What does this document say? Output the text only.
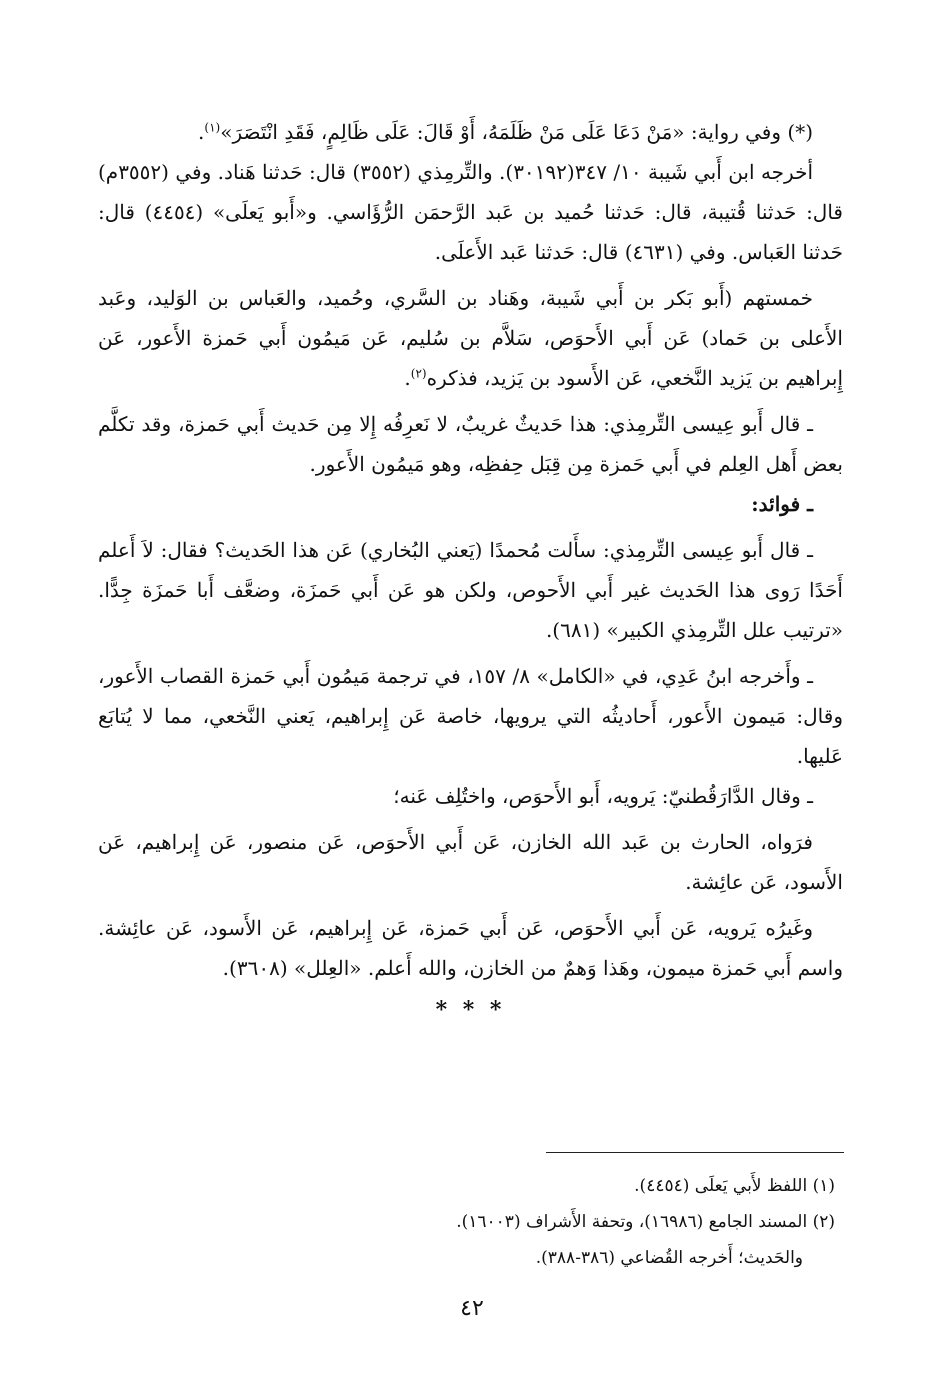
(*) وفي رواية: «مَنْ دَعَا عَلَى مَنْ ظَلَمَهُ، أَوْ قَالَ: عَلَى ظَالِمٍ، فَقَدِ انْتَصَرَ»$^{(١)}$.

أخرجه ابن أَبي شَيبة ١٠/ ٣٤٧(٣٠١٩٢). والتِّرمِذي (٣٥٥٢) قال: حَدثنا هَناد. وفي (٣٥٥٢م) قال: حَدثنا قُتيبة، قال: حَدثنا حُميد بن عَبد الرَّحمَن الرُّؤَاسي. و«أَبو يَعلَى» (٤٤٥٤) قال: حَدثنا العَباس. وفي (٤٦٣١) قال: حَدثنا عَبد الأَعلَى.

خمستهم (أَبو بَكر بن أَبي شَيبة، وهَناد بن السَّري، وحُميد، والعَباس بن الوَليد، وعَبد الأَعلى بن حَماد) عَن أَبي الأَحوَص، سَلاَّم بن سُليم، عَن مَيمُون أَبي حَمزة الأَعور، عَن إِبراهيم بن يَزيد النَّخعي، عَن الأَسود بن يَزيد، فذكره$^{(٢)}$.

ـ قال أَبو عِيسى التِّرمِذي: هذا حَديثٌ غريبٌ، لا نَعرِفُه إِلا مِن حَديث أَبي حَمزة، وقد تكلَّم بعض أَهل العِلم في أَبي حَمزة مِن قِبَل حِفظِه، وهو مَيمُون الأَعور.

ـ فوائد:

ـ قال أَبو عِيسى التِّرمِذي: سأَلت مُحمدًا (يَعني البُخاري) عَن هذا الحَديث؟ فقال: لاَ أَعلم أَحَدًا رَوى هذا الحَديث غير أَبي الأَحوص، ولكن هو عَن أَبي حَمزَة، وضعَّف أَبا حَمزَة جِدًّا. «ترتيب علل التِّرمِذي الكبير» (٦٨١).

ـ وأَخرجه ابنُ عَدِي، في «الكامل» ٨/ ١٥٧، في ترجمة مَيمُون أَبي حَمزة القصاب الأَعور، وقال: مَيمون الأَعور، أَحاديثُه التي يرويها، خاصة عَن إِبراهيم، يَعني النَّخعي، مما لا يُتابَع عَليها.

ـ وقال الدَّارَقُطنيّ: يَرويه، أَبو الأَحوَص، واختُلِف عَنه؛

فرَواه، الحارث بن عَبد الله الخازن، عَن أَبي الأَحوَص، عَن منصور، عَن إِبراهيم، عَن الأَسود، عَن عائِشة.

وغَيرُه يَرويه، عَن أَبي الأَحوَص، عَن أَبي حَمزة، عَن إِبراهيم، عَن الأَسود، عَن عائِشة. واسم أَبي حَمزة ميمون، وهَذا وَهمٌ من الخازن، والله أَعلم. «العِلل» (٣٦٠٨).

* * *

(١) اللفظ لأَبي يَعلَى (٤٤٥٤).

(٢) المسند الجامع (١٦٩٨٦)، وتحفة الأَشراف (١٦٠٠٣).

والحَديث؛ أَخرجه القُضاعي (٣٨٦-٣٨٨).

٤٢
